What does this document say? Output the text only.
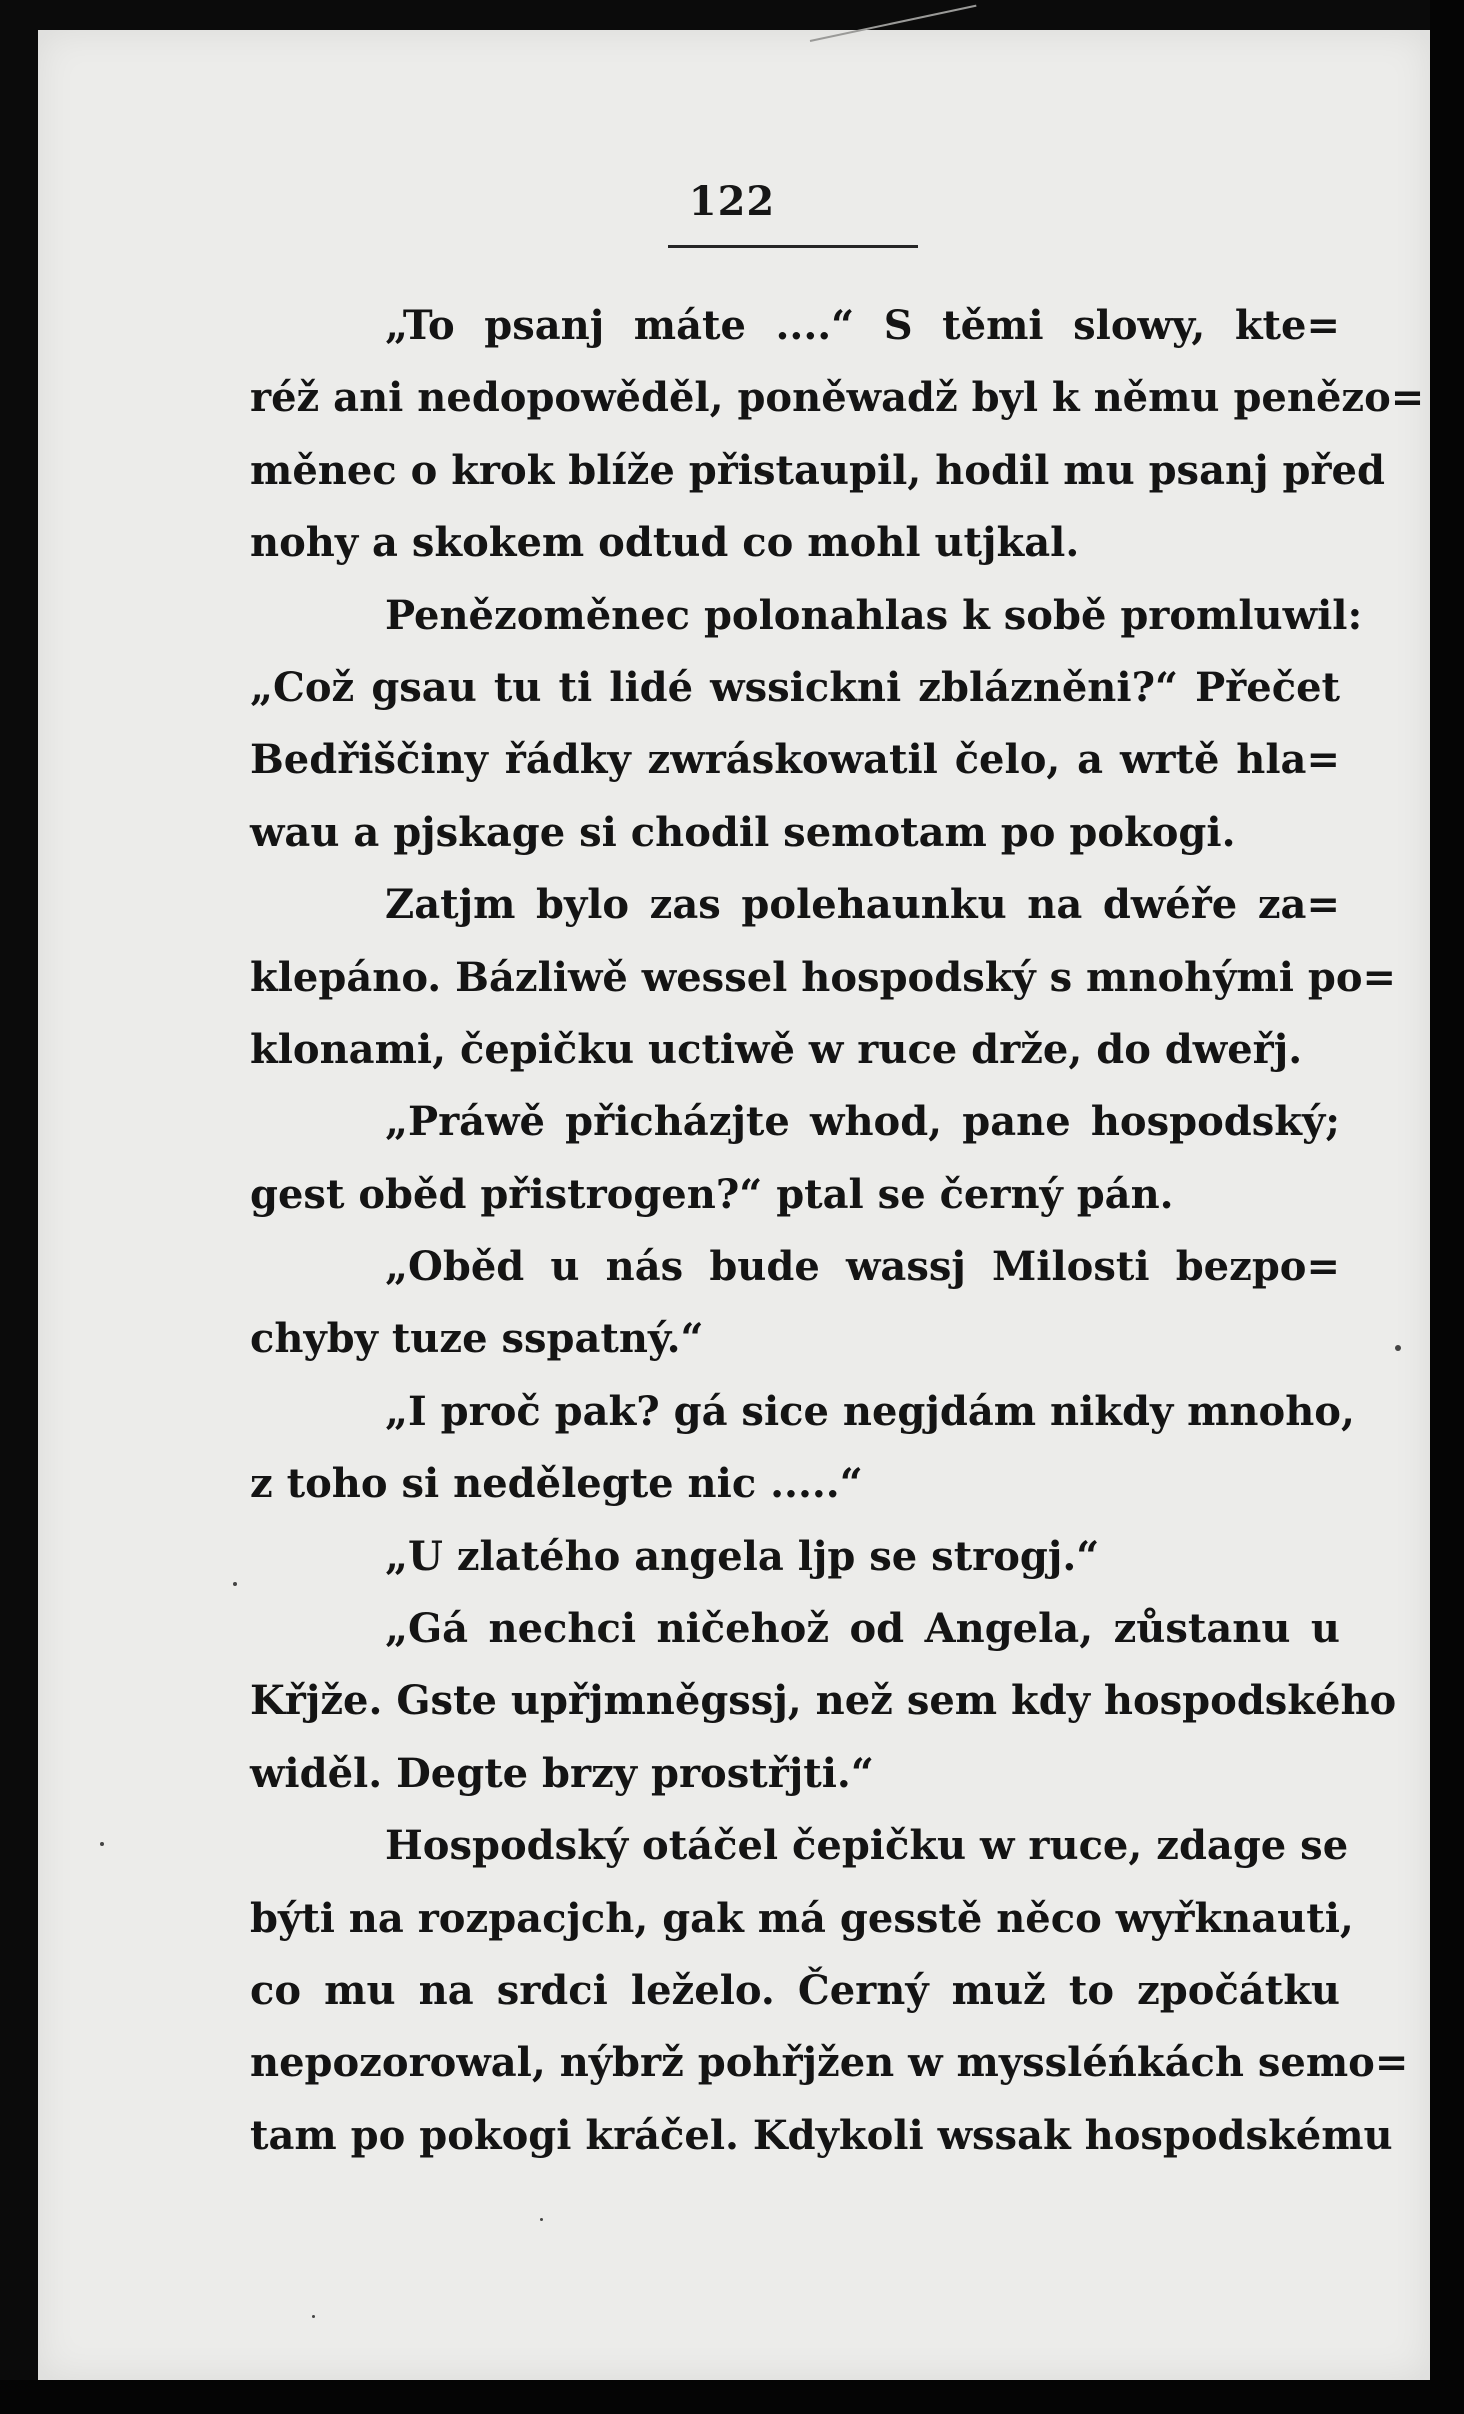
122
„To psanj máte ....“ S těmi slowy, kte=
réž ani nedopowěděl, poněwadž byl k němu penězo=
měnec o krok blíže přistaupil, hodil mu psanj před
nohy a skokem odtud co mohl utjkal.
Penězoměnec polonahlas k sobě promluwil:
„Což gsau tu ti lidé wssickni zblázněni?“ Přečet
Bedřiščiny řádky zwráskowatil čelo, a wrtě hla=
wau a pjskage si chodil semotam po pokogi.
Zatjm bylo zas polehaunku na dwéře za=
klepáno. Bázliwě wessel hospodský s mnohými po=
klonami, čepičku uctiwě w ruce drže, do dweřj.
„Práwě přicházjte whod, pane hospodský;
gest oběd přistrogen?“ ptal se černý pán.
„Oběd u nás bude wassj Milosti bezpo=
chyby tuze sspatný.“
„I proč pak? gá sice negjdám nikdy mnoho,
z toho si nedělegte nic .....“
„U zlatého angela ljp se strogj.“
„Gá nechci ničehož od Angela, zůstanu u
Křjže. Gste upřjmněgssj, než sem kdy hospodského
widěl. Degte brzy prostřjti.“
Hospodský otáčel čepičku w ruce, zdage se
býti na rozpacjch, gak má gesstě něco wyřknauti,
co mu na srdci leželo. Černý muž to zpočátku
nepozorowal, nýbrž pohřjžen w myssléńkách semo=
tam po pokogi kráčel. Kdykoli wssak hospodskému
